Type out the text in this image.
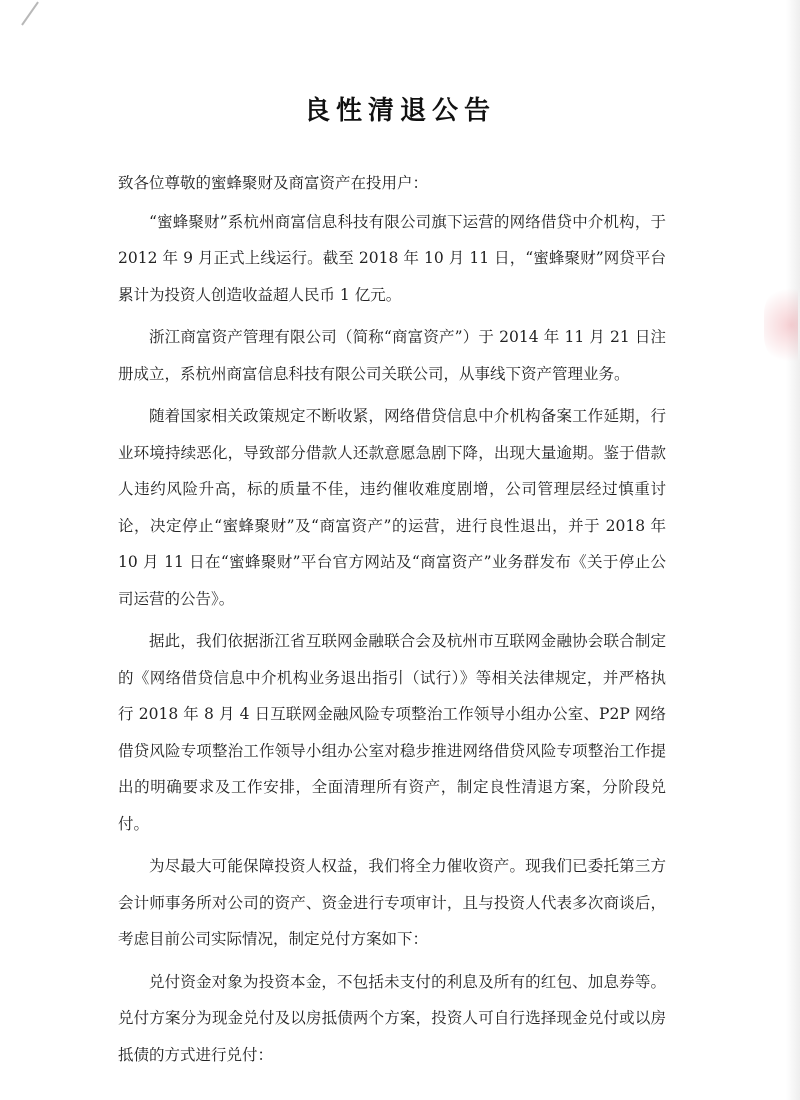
良性清退公告

致各位尊敬的蜜蜂聚财及商富资产在投用户：

“蜜蜂聚财”系杭州商富信息科技有限公司旗下运营的网络借贷中介机构，于 2012 年 9 月正式上线运行。截至 2018 年 10 月 11 日，“蜜蜂聚财”网贷平台累计为投资人创造收益超人民币 1 亿元。

浙江商富资产管理有限公司（简称“商富资产”）于 2014 年 11 月 21 日注册成立，系杭州商富信息科技有限公司关联公司，从事线下资产管理业务。

随着国家相关政策规定不断收紧，网络借贷信息中介机构备案工作延期，行业环境持续恶化，导致部分借款人还款意愿急剧下降，出现大量逾期。鉴于借款人违约风险升高，标的质量不佳，违约催收难度剧增，公司管理层经过慎重讨论，决定停止“蜜蜂聚财”及“商富资产”的运营，进行良性退出，并于 2018 年 10 月 11 日在“蜜蜂聚财”平台官方网站及“商富资产”业务群发布《关于停止公司运营的公告》。

据此，我们依据浙江省互联网金融联合会及杭州市互联网金融协会联合制定的《网络借贷信息中介机构业务退出指引（试行）》等相关法律规定，并严格执行 2018 年 8 月 4 日互联网金融风险专项整治工作领导小组办公室、P2P 网络借贷风险专项整治工作领导小组办公室对稳步推进网络借贷风险专项整治工作提出的明确要求及工作安排，全面清理所有资产，制定良性清退方案，分阶段兑付。

为尽最大可能保障投资人权益，我们将全力催收资产。现我们已委托第三方会计师事务所对公司的资产、资金进行专项审计，且与投资人代表多次商谈后，考虑目前公司实际情况，制定兑付方案如下：

兑付资金对象为投资本金，不包括未支付的利息及所有的红包、加息券等。兑付方案分为现金兑付及以房抵债两个方案，投资人可自行选择现金兑付或以房抵债的方式进行兑付：
